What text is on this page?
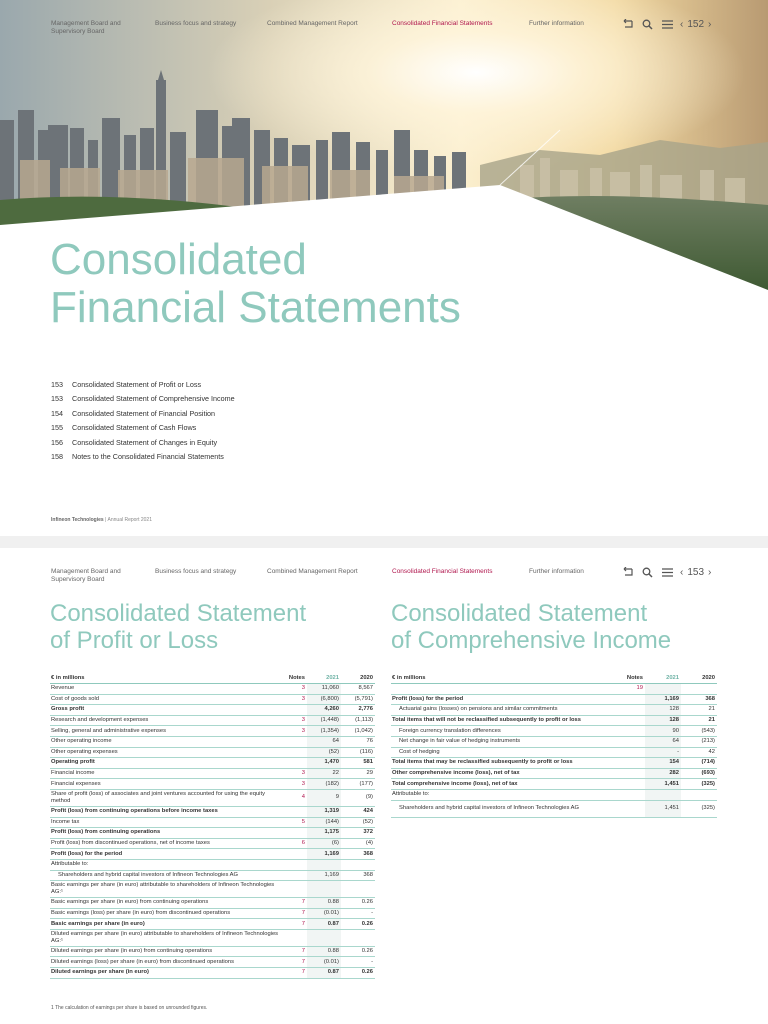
Management Board and Supervisory Board
Business focus and strategy	Combined Management Report	Consolidated Financial Statements	Further information	‹ 152 ›
Consolidated
Financial Statements
153 Consolidated Statement of Profit or Loss
153 Consolidated Statement of Comprehensive Income
154 Consolidated Statement of Financial Position
155 Consolidated Statement of Cash Flows
156 Consolidated Statement of Changes in Equity
158 Notes to the Consolidated Financial Statements
Infineon Technologies | Annual Report 2021
Management Board and Supervisory Board
Business focus and strategy	Combined Management Report	Consolidated Financial Statements	Further information	‹ 153 ›
Consolidated Statement
of Profit or Loss
Consolidated Statement
of Comprehensive Income
€ in millions	Notes	2021	2020
Revenue	3	11,060	8,567
Cost of goods sold	3	(6,800)	(5,791)
Gross profit		4,260	2,776
Research and development expenses	3	(1,448)	(1,113)
Selling, general and administrative expenses	3	(1,354)	(1,042)
Other operating income		64	76
Other operating expenses		(52)	(116)
Operating profit		1,470	581
Financial income	3	22	29
Financial expenses	3	(182)	(177)
Share of profit (loss) of associates and joint ventures accounted for using the equity method	4	9	(9)
Profit (loss) from continuing operations before income taxes		1,319	424
Income tax	5	(144)	(52)
Profit (loss) from continuing operations		1,175	372
Profit (loss) from discontinued operations, net of income taxes	6	(6)	(4)
Profit (loss) for the period		1,169	368
Attributable to:			
Shareholders and hybrid capital investors of Infineon Technologies AG		1,169	368
Basic earnings per share (in euro) attributable to shareholders of Infineon Technologies AG:¹			
Basic earnings per share (in euro) from continuing operations	7	0.88	0.26
Basic earnings (loss) per share (in euro) from discontinued operations	7	(0.01)	-
Basic earnings per share (in euro)	7	0.87	0.26
Diluted earnings per share (in euro) attributable to shareholders of Infineon Technologies AG:¹			
Diluted earnings per share (in euro) from continuing operations	7	0.88	0.26
Diluted earnings (loss) per share (in euro) from discontinued operations	7	(0.01)	-
Diluted earnings per share (in euro)	7	0.87	0.26
€ in millions	Notes	2021	2020
	19		
Profit (loss) for the period		1,169	368
Actuarial gains (losses) on pensions and similar commitments		128	21
Total items that will not be reclassified subsequently to profit or loss		128	21
Foreign currency translation differences		90	(543)
Net change in fair value of hedging instruments		64	(213)
Cost of hedging		-	42
Total items that may be reclassified subsequently to profit or loss		154	(714)
Other comprehensive income (loss), net of tax		282	(693)
Total comprehensive income (loss), net of tax		1,451	(325)
Attributable to:			
Shareholders and hybrid capital investors of Infineon Technologies AG		1,451	(325)
1 The calculation of earnings per share is based on unrounded figures.
